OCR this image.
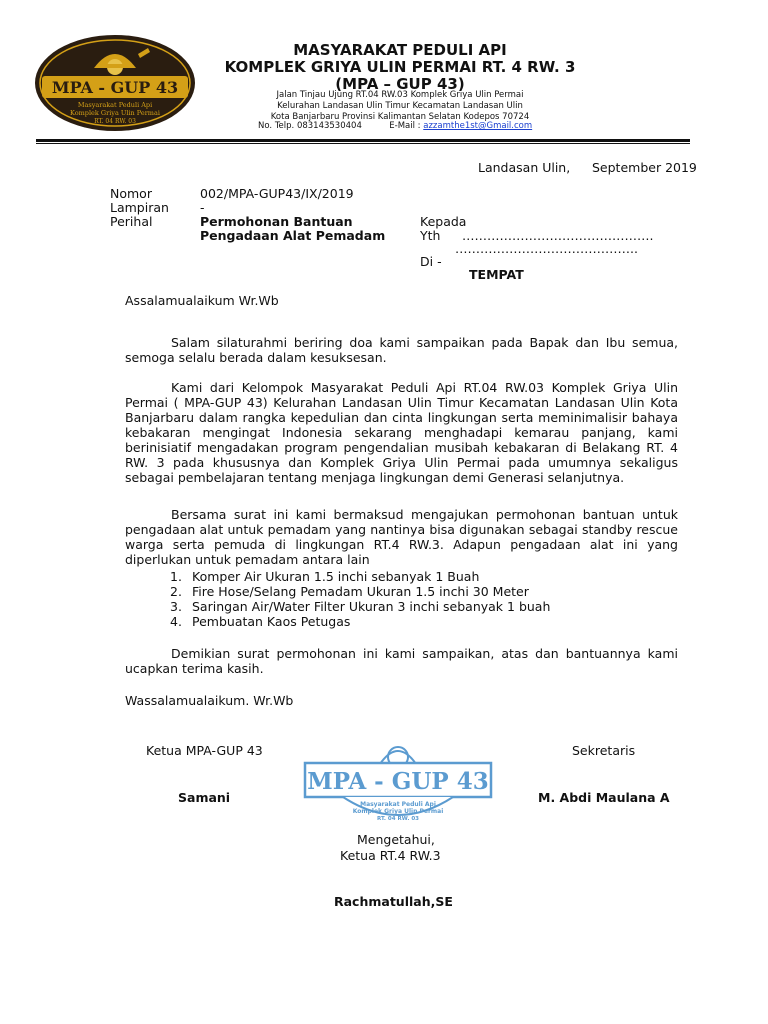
MPA - GUP 43
Masyarakat Peduli Api
Komplek Griya Ulin Permai
RT. 04 RW. 03
MASYARAKAT PEDULI API
KOMPLEK GRIYA ULIN PERMAI RT. 4 RW. 3
(MPA – GUP 43)
Jalan Tinjau Ujung RT.04 RW.03 Komplek Griya Ulin Permai
Kelurahan Landasan Ulin Timur Kecamatan Landasan Ulin
Kota Banjarbaru Provinsi Kalimantan Selatan Kodepos 70724
No. Telp. 083143530404	E-Mail : azzamthe1st@Gmail.com
Landasan Ulin, September 2019
Nomor	002/MPA-GUP43/IX/2019
Lampiran -
Perihal	Permohonan Bantuan
Pengadaan Alat Pemadam
Kepada
Yth ……………………………………….
……………………………………..
Di -
TEMPAT
Assalamualaikum Wr.Wb

Salam silaturahmi beriring doa kami sampaikan pada Bapak dan Ibu semua, semoga selalu berada dalam kesuksesan.

Kami dari Kelompok Masyarakat Peduli Api RT.04 RW.03 Komplek Griya Ulin Permai ( MPA-GUP 43) Kelurahan Landasan Ulin Timur Kecamatan Landasan Ulin Kota Banjarbaru dalam rangka kepedulian dan cinta lingkungan serta meminimalisir bahaya kebakaran mengingat Indonesia sekarang menghadapi kemarau panjang, kami berinisiatif mengadakan program pengendalian musibah kebakaran di Belakang RT. 4 RW. 3 pada khususnya dan Komplek Griya Ulin Permai pada umumnya sekaligus sebagai pembelajaran tentang menjaga lingkungan demi Generasi selanjutnya.

Bersama surat ini kami bermaksud mengajukan permohonan bantuan untuk pengadaan alat untuk pemadam yang nantinya bisa digunakan sebagai standby rescue warga serta pemuda di lingkungan RT.4 RW.3. Adapun pengadaan alat ini yang diperlukan untuk pemadam antara lain

1. Komper Air Ukuran 1.5 inchi sebanyak 1 Buah
2. Fire Hose/Selang Pemadam Ukuran 1.5 inchi 30 Meter
3. Saringan Air/Water Filter Ukuran 3 inchi sebanyak 1 buah
4. Pembuatan Kaos Petugas

Demikian surat permohonan ini kami sampaikan, atas dan bantuannya kami ucapkan terima kasih.

Wassalamualaikum. Wr.Wb
Ketua MPA-GUP 43
Samani
Sekretaris
M. Abdi Maulana A
MPA - GUP 43
Masyarakat Peduli Api
Komplek Griya Ulin Permai
RT. 04 RW. 03
Mengetahui,
Ketua RT.4 RW.3
Rachmatullah,SE
